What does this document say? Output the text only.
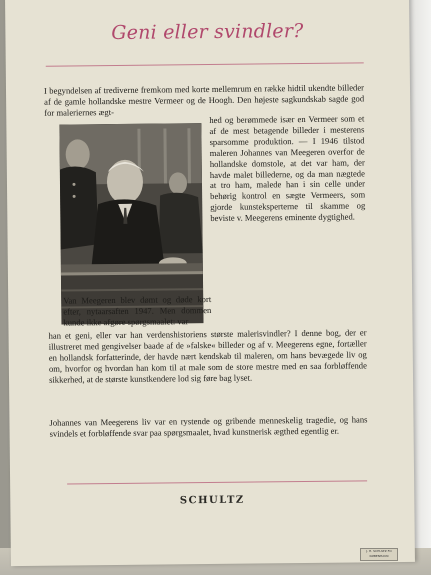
Geni eller svindler?

I begyndelsen af trediverne fremkom med korte mellemrum en række hidtil ukendte billeder af de gamle hollandske mestre Vermeer og de Hoogh. Den højeste sagkundskab sagde god for maleriernes ægt-

hed og berømmede især en Vermeer som et af de mest betagende billeder i mesterens sparsomme produktion. — I 1946 tilstod maleren Johannes van Meegeren overfor de hollandske domstole, at det var ham, der havde malet billederne, og da man nægtede at tro ham, malede han i sin celle under behørig kontrol en sægte Vermeers, som gjorde kunsteksperterne til skamme og beviste v. Meegerens eminente dygtighed.

Van Meegeren blev dømt og døde kort efter, nytaarsaften 1947. Men dommen kunde ikke afgøre spørgsmaalet: var

han et geni, eller var han verdenshistoriens største malerisvindler? I denne bog, der er illustreret med gengivelser baade af de »falske« billeder og af v. Meegerens egne, fortæller en hollandsk forfatterinde, der havde nært kendskab til maleren, om hans bevægede liv og om, hvorfor og hvordan han kom til at male som de store mestre med en saa forbløffende sikkerhed, at de største kunstkendere lod sig føre bag lyset.

Johannes van Meegerens liv var en rystende og gribende menneskelig tragedie, og hans svindels et forbløffende svar paa spørgsmaalet, hvad kunstnerisk ægthed egentlig er.

SCHULTZ

J. H. SCHULTZ FO
KØBENHAVN
